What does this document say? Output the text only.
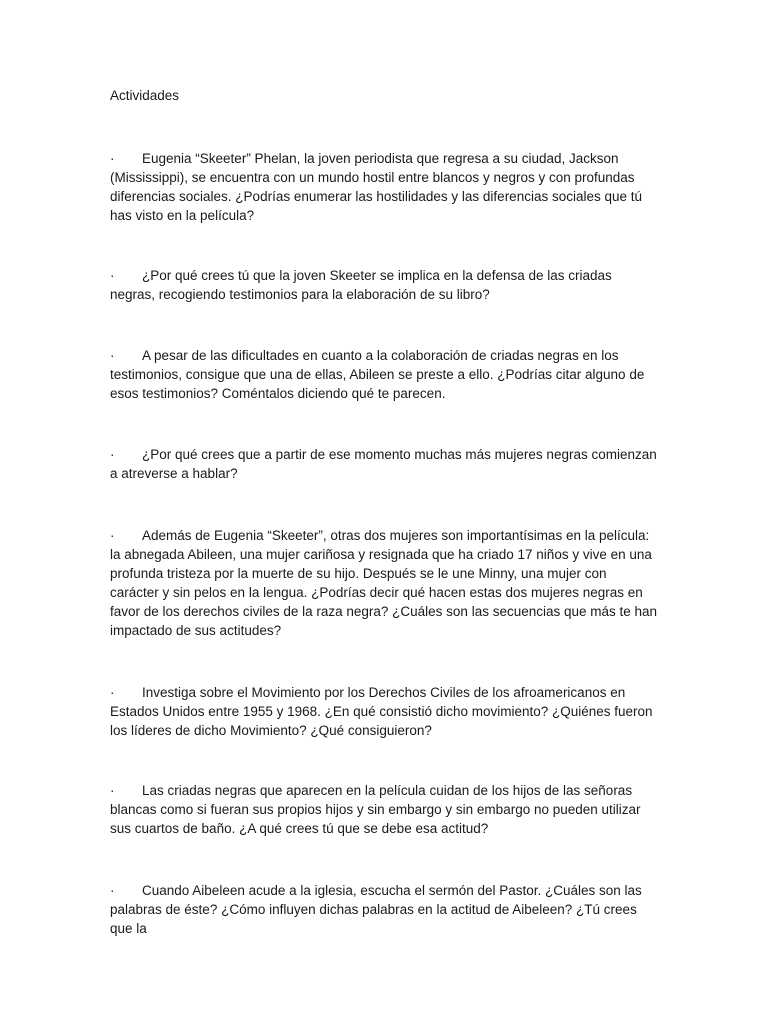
Actividades
· Eugenia “Skeeter” Phelan, la joven periodista que regresa a su ciudad, Jackson (Mississippi), se encuentra con un mundo hostil entre blancos y negros y con profundas diferencias sociales. ¿Podrías enumerar las hostilidades y las diferencias sociales que tú has visto en la película?
· ¿Por qué crees tú que la joven Skeeter se implica en la defensa de las criadas negras, recogiendo testimonios para la elaboración de su libro?
· A pesar de las dificultades en cuanto a la colaboración de criadas negras en los testimonios, consigue que una de ellas, Abileen se preste a ello. ¿Podrías citar alguno de esos testimonios? Coméntalos diciendo qué te parecen.
· ¿Por qué crees que a partir de ese momento muchas más mujeres negras comienzan a atreverse a hablar?
· Además de Eugenia “Skeeter”, otras dos mujeres son importantísimas en la película: la abnegada Abileen, una mujer cariñosa y resignada que ha criado 17 niños y vive en una profunda tristeza por la muerte de su hijo. Después se le une Minny, una mujer con carácter y sin pelos en la lengua. ¿Podrías decir qué hacen estas dos mujeres negras en favor de los derechos civiles de la raza negra? ¿Cuáles son las secuencias que más te han impactado de sus actitudes?
· Investiga sobre el Movimiento por los Derechos Civiles de los afroamericanos en Estados Unidos entre 1955 y 1968. ¿En qué consistió dicho movimiento? ¿Quiénes fueron los líderes de dicho Movimiento? ¿Qué consiguieron?
· Las criadas negras que aparecen en la película cuidan de los hijos de las señoras blancas como si fueran sus propios hijos y sin embargo y sin embargo no pueden utilizar sus cuartos de baño. ¿A qué crees tú que se debe esa actitud?
· Cuando Aibeleen acude a la iglesia, escucha el sermón del Pastor. ¿Cuáles son las palabras de éste? ¿Cómo influyen dichas palabras en la actitud de Aibeleen? ¿Tú crees que la
